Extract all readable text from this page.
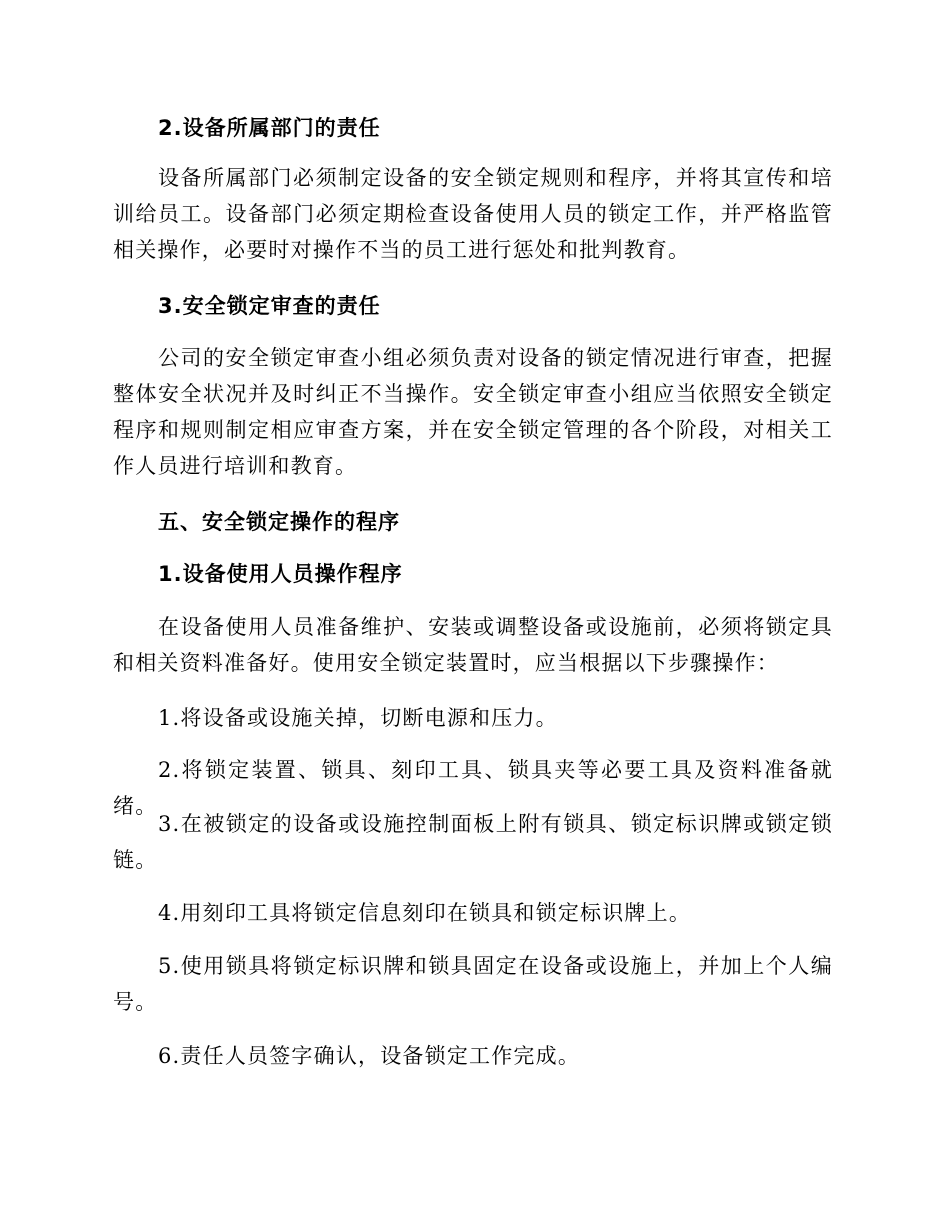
2.设备所属部门的责任

设备所属部门必须制定设备的安全锁定规则和程序，并将其宣传和培训给员工。设备部门必须定期检查设备使用人员的锁定工作，并严格监管相关操作，必要时对操作不当的员工进行惩处和批判教育。

3.安全锁定审查的责任

公司的安全锁定审查小组必须负责对设备的锁定情况进行审查，把握整体安全状况并及时纠正不当操作。安全锁定审查小组应当依照安全锁定程序和规则制定相应审查方案，并在安全锁定管理的各个阶段，对相关工作人员进行培训和教育。

五、安全锁定操作的程序
1.设备使用人员操作程序

在设备使用人员准备维护、安装或调整设备或设施前，必须将锁定具和相关资料准备好。使用安全锁定装置时，应当根据以下步骤操作：

1.将设备或设施关掉，切断电源和压力。

2.将锁定装置、锁具、刻印工具、锁具夹等必要工具及资料准备就绪。

3.在被锁定的设备或设施控制面板上附有锁具、锁定标识牌或锁定锁链。

4.用刻印工具将锁定信息刻印在锁具和锁定标识牌上。

5.使用锁具将锁定标识牌和锁具固定在设备或设施上，并加上个人编号。

6.责任人员签字确认，设备锁定工作完成。
